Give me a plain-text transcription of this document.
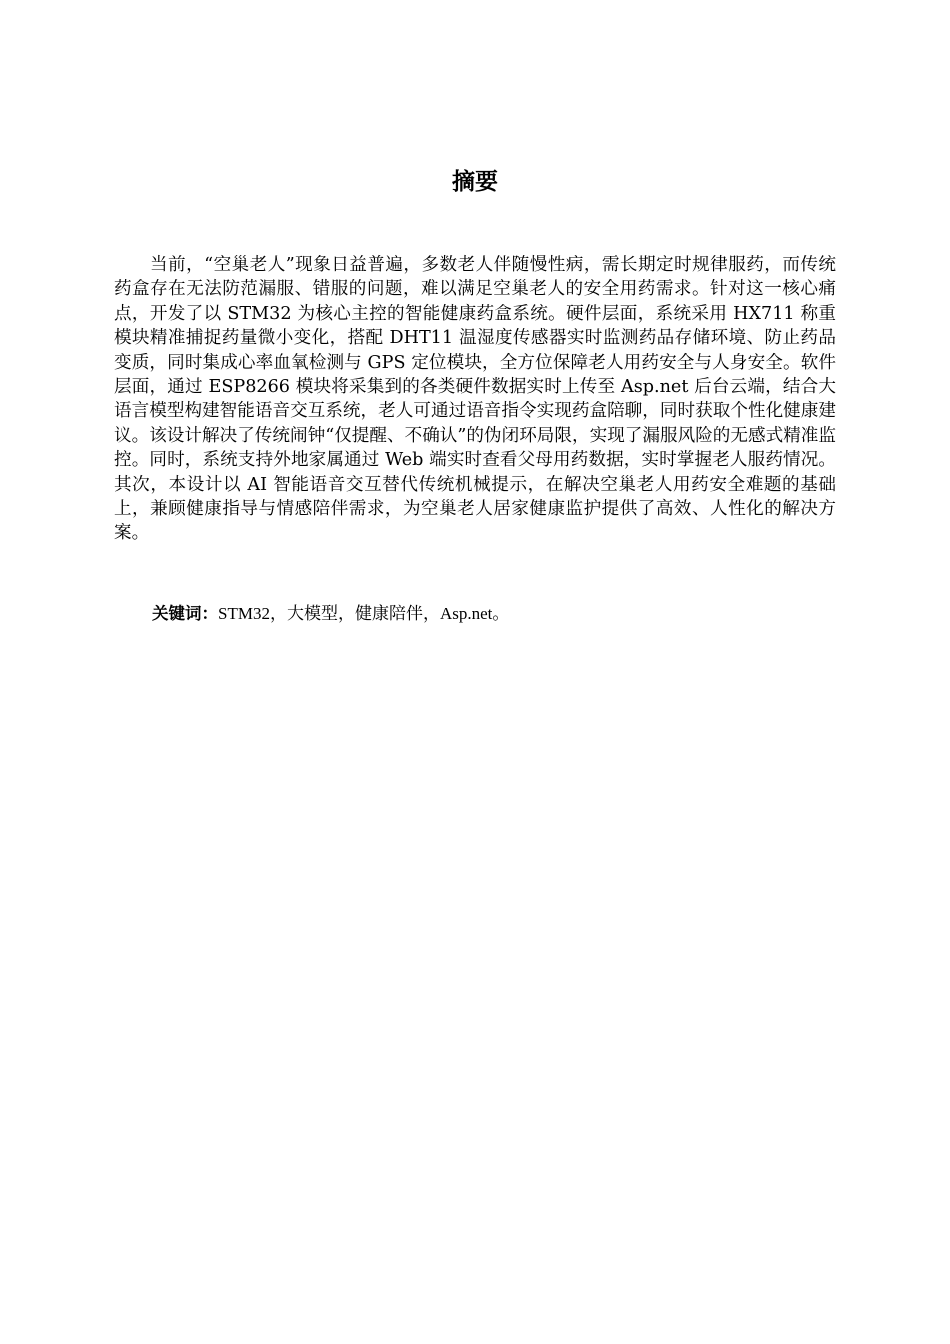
摘要

当前，“空巢老人”现象日益普遍，多数老人伴随慢性病，需长期定时规律服药，而传统药盒存在无法防范漏服、错服的问题，难以满足空巢老人的安全用药需求。针对这一核心痛点，开发了以 STM32 为核心主控的智能健康药盒系统。硬件层面，系统采用 HX711 称重模块精准捕捉药量微小变化，搭配 DHT11 温湿度传感器实时监测药品存储环境、防止药品变质，同时集成心率血氧检测与 GPS 定位模块，全方位保障老人用药安全与人身安全。软件层面，通过 ESP8266 模块将采集到的各类硬件数据实时上传至 Asp.net 后台云端，结合大语言模型构建智能语音交互系统，老人可通过语音指令实现药盒陪聊，同时获取个性化健康建议。该设计解决了传统闹钟“仅提醒、不确认”的伪闭环局限，实现了漏服风险的无感式精准监控。同时，系统支持外地家属通过 Web 端实时查看父母用药数据，实时掌握老人服药情况。其次，本设计以 AI 智能语音交互替代传统机械提示，在解决空巢老人用药安全难题的基础上，兼顾健康指导与情感陪伴需求，为空巢老人居家健康监护提供了高效、人性化的解决方案。

关键词：STM32，大模型，健康陪伴，Asp.net。
